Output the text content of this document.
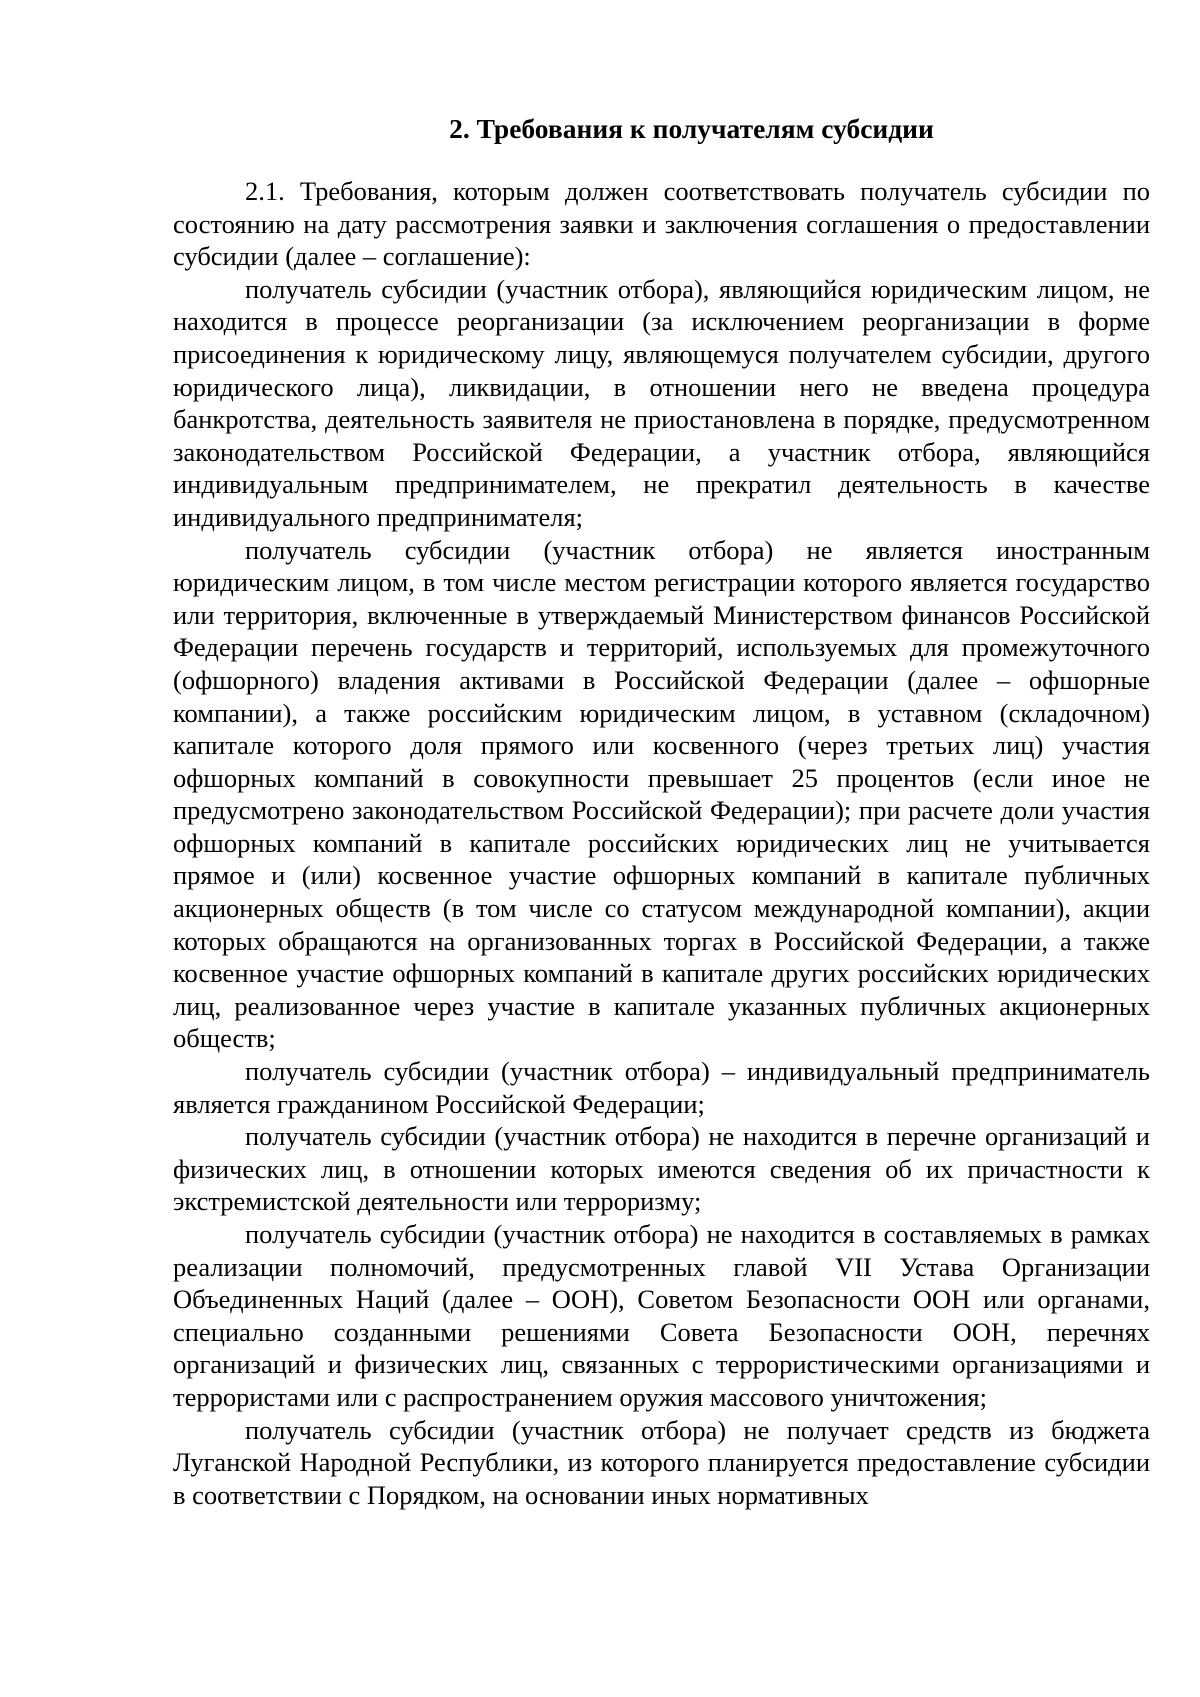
2. Требования к получателям субсидии

2.1. Требования, которым должен соответствовать получатель субсидии по состоянию на дату рассмотрения заявки и заключения соглашения о предоставлении субсидии (далее – соглашение):

получатель субсидии (участник отбора), являющийся юридическим лицом, не находится в процессе реорганизации (за исключением реорганизации в форме присоединения к юридическому лицу, являющемуся получателем субсидии, другого юридического лица), ликвидации, в отношении него не введена процедура банкротства, деятельность заявителя не приостановлена в порядке, предусмотренном законодательством Российской Федерации, а участник отбора, являющийся индивидуальным предпринимателем, не прекратил деятельность в качестве индивидуального предпринимателя;

получатель субсидии (участник отбора) не является иностранным юридическим лицом, в том числе местом регистрации которого является государство или территория, включенные в утверждаемый Министерством финансов Российской Федерации перечень государств и территорий, используемых для промежуточного (офшорного) владения активами в Российской Федерации (далее – офшорные компании), а также российским юридическим лицом, в уставном (складочном) капитале которого доля прямого или косвенного (через третьих лиц) участия офшорных компаний в совокупности превышает 25 процентов (если иное не предусмотрено законодательством Российской Федерации); при расчете доли участия офшорных компаний в капитале российских юридических лиц не учитывается прямое и (или) косвенное участие офшорных компаний в капитале публичных акционерных обществ (в том числе со статусом международной компании), акции которых обращаются на организованных торгах в Российской Федерации, а также косвенное участие офшорных компаний в капитале других российских юридических лиц, реализованное через участие в капитале указанных публичных акционерных обществ;

получатель субсидии (участник отбора) – индивидуальный предприниматель является гражданином Российской Федерации;

получатель субсидии (участник отбора) не находится в перечне организаций и физических лиц, в отношении которых имеются сведения об их причастности к экстремистской деятельности или терроризму;

получатель субсидии (участник отбора) не находится в составляемых в рамках реализации полномочий, предусмотренных главой VII Устава Организации Объединенных Наций (далее – ООН), Советом Безопасности ООН или органами, специально созданными решениями Совета Безопасности ООН, перечнях организаций и физических лиц, связанных с террористическими организациями и террористами или с распространением оружия массового уничтожения;

получатель субсидии (участник отбора) не получает средств из бюджета Луганской Народной Республики, из которого планируется предоставление субсидии в соответствии с Порядком, на основании иных нормативных
